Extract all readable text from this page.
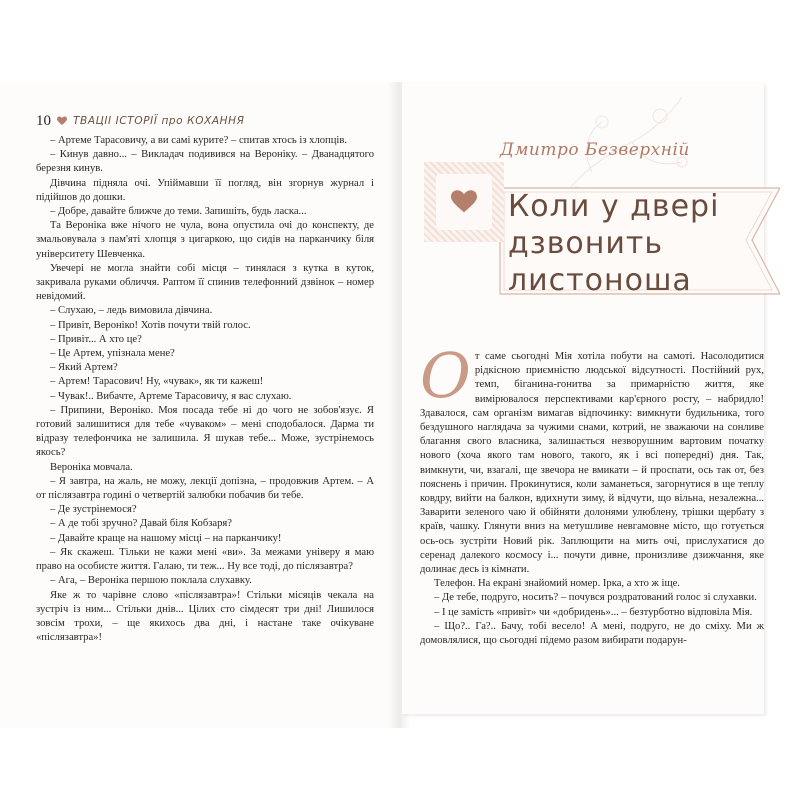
10 ТВАЦІІ ІСТОРІЇ про КОХАННЯ

– Артеме Тарасовичу, а ви самі курите? – спитав хтось із хлопців.

– Кинув давно... – Викладач подивився на Вероніку. – Дванадцятого березня кинув.

Дівчина підняла очі. Упіймавши її погляд, він згорнув журнал і підійшов до дошки.

– Добре, давайте ближче до теми. Запишіть, будь ласка...

Та Вероніка вже нічого не чула, вона опустила очі до конспекту, де змальовувала з пам'яті хлопця з цигаркою, що сидів на парканчику біля університету Шевченка.

Увечері не могла знайти собі місця – тинялася з кутка в куток, закривала руками обличчя. Раптом її спинив телефонний дзвінок – номер невідомий.

– Слухаю, – ледь вимовила дівчина.

– Привіт, Вероніко! Хотів почути твій голос.

– Привіт... А хто це?

– Це Артем, упізнала мене?

– Який Артем?

– Артем! Тарасович! Ну, «чувак», як ти кажеш!

– Чувак!.. Вибачте, Артеме Тарасовичу, я вас слухаю.

– Припини, Вероніко. Моя посада тебе ні до чого не зобов'язує. Я готовий залишитися для тебе «чуваком» – мені сподобалося. Дарма ти відразу телефончика не залишила. Я шукав тебе... Може, зустрінемось якось?

Вероніка мовчала.

– Я завтра, на жаль, не можу, лекції допізна, – продовжив Артем. – А от післязавтра годині о четвертій залюбки побачив би тебе.

– Де зустрінемося?

– А де тобі зручно? Давай біля Кобзаря?

– Давайте краще на нашому місці – на парканчику!

– Як скажеш. Тільки не кажи мені «ви». За межами універу я маю право на особисте життя. Галаю, ти теж... Ну все тоді, до післязавтра?

– Ага, – Вероніка першою поклала слухавку.

Яке ж то чарівне слово «післязавтра»! Стільки місяців чекала на зустріч із ним... Стільки днів... Цілих сто сімдесят три дні! Лишилося зовсім трохи, – ще якихось два дні, і настане таке очікуване «післязавтра»!

Дмитро Безверхній
Коли у двері
дзвонить
листоноша

От саме сьогодні Мія хотіла побути на самоті. Насолодитися рідкісною приємністю людської відсутності. Постійний рух, темп, біганина-гонитва за примарністю життя, яке вимірювалося перспективами кар'єрного росту, – набридло! Здавалося, сам організм вимагав відпочинку: вимкнути будильника, того бездушного наглядача за чужими снами, котрий, не зважаючи на сонливе благання свого власника, залишається незворушним вартовим початку нового (хоча якого там нового, такого, як і всі попередні) дня. Так, вимкнути, чи, взагалі, ще звечора не вмикати – й проспати, ось так от, без пояснень і причин. Прокинутися, коли заманеться, загорнутися в ще теплу ковдру, вийти на балкон, вдихнути зиму, й відчути, що вільна, незалежна... Заварити зеленого чаю й обійняти долонями улюблену, трішки щербату з країв, чашку. Глянути вниз на метушливе невгамовне місто, що готується ось-ось зустріти Новий рік. Заплющити на мить очі, прислухатися до серенад далекого космосу і... почути дивне, пронизливе дзижчання, яке долинає десь із кімнати.

Телефон. На екрані знайомий номер. Ірка, а хто ж іще.

– Де тебе, подруго, носить? – почувся роздратований голос зі слухавки.

– І це замість «привіт» чи «добридень»... – безтурботно відповіла Мія.

– Що?.. Га?.. Бачу, тобі весело! А мені, подруго, не до сміху. Ми ж домовлялися, що сьогодні підемо разом вибирати подарун-
